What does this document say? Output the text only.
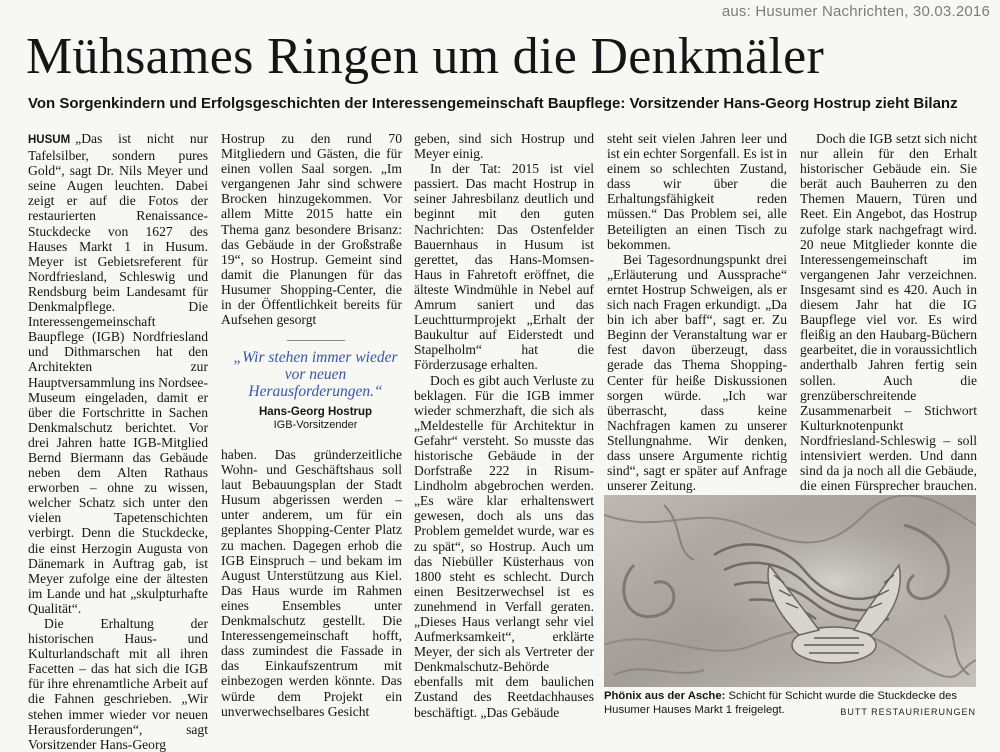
aus: Husumer Nachrichten, 30.03.2016
Mühsames Ringen um die Denkmäler
Von Sorgenkindern und Erfolgsgeschichten der Interessengemeinschaft Baupflege: Vorsitzender Hans-Georg Hostrup zieht Bilanz

HUSUM „Das ist nicht nur Tafelsilber, sondern pures Gold“, sagt Dr. Nils Meyer und seine Augen leuchten. Dabei zeigt er auf die Fotos der restaurierten Renaissance-Stuckdecke von 1627 des Hauses Markt 1 in Husum. Meyer ist Gebietsreferent für Nordfriesland, Schleswig und Rendsburg beim Landesamt für Denkmalpflege. Die Interessengemeinschaft Baupflege (IGB) Nordfriesland und Dithmarschen hat den Architekten zur Hauptversammlung ins Nordsee-Museum eingeladen, damit er über die Fortschritte in Sachen Denkmalschutz berichtet. Vor drei Jahren hatte IGB-Mitglied Bernd Biermann das Gebäude neben dem Alten Rathaus erworben – ohne zu wissen, welcher Schatz sich unter den vielen Tapetenschichten verbirgt. Denn die Stuckdecke, die einst Herzogin Augusta von Dänemark in Auftrag gab, ist Meyer zufolge eine der ältesten im Lande und hat „skulpturhafte Qualität“.

Die Erhaltung der historischen Haus- und Kulturlandschaft mit all ihren Facetten – das hat sich die IGB für ihre ehrenamtliche Arbeit auf die Fahnen geschrieben. „Wir stehen immer wieder vor neuen Herausforderungen“, sagt Vorsitzender Hans-Georg

Hostrup zu den rund 70 Mitgliedern und Gästen, die für einen vollen Saal sorgen. „Im vergangenen Jahr sind schwere Brocken hinzugekommen. Vor allem Mitte 2015 hatte ein Thema ganz besondere Brisanz: das Gebäude in der Großstraße 19“, so Hostrup. Gemeint sind damit die Planungen für das Husumer Shopping-Center, die in der Öffentlichkeit bereits für Aufsehen gesorgt

„Wir stehen immer wieder vor neuen Herausforderungen.“
Hans-Georg Hostrup
IGB-Vorsitzender

haben. Das gründerzeitliche Wohn- und Geschäftshaus soll laut Bebauungsplan der Stadt Husum abgerissen werden – unter anderem, um für ein geplantes Shopping-Center Platz zu machen. Dagegen erhob die IGB Einspruch – und bekam im August Unterstützung aus Kiel. Das Haus wurde im Rahmen eines Ensembles unter Denkmalschutz gestellt. Die Interessengemeinschaft hofft, dass zumindest die Fassade in das Einkaufszentrum mit einbezogen werden könnte. Das würde dem Projekt ein unverwechselbares Gesicht

geben, sind sich Hostrup und Meyer einig.

In der Tat: 2015 ist viel passiert. Das macht Hostrup in seiner Jahresbilanz deutlich und beginnt mit den guten Nachrichten: Das Ostenfelder Bauernhaus in Husum ist gerettet, das Hans-Momsen-Haus in Fahretoft eröffnet, die älteste Windmühle in Nebel auf Amrum saniert und das Leuchtturmprojekt „Erhalt der Baukultur auf Eiderstedt und Stapelholm“ hat die Förderzusage erhalten.

Doch es gibt auch Verluste zu beklagen. Für die IGB immer wieder schmerzhaft, die sich als „Meldestelle für Architektur in Gefahr“ versteht. So musste das historische Gebäude in der Dorfstraße 222 in Risum-Lindholm abgebrochen werden. „Es wäre klar erhaltenswert gewesen, doch als uns das Problem gemeldet wurde, war es zu spät“, so Hostrup. Auch um das Niebüller Küsterhaus von 1800 steht es schlecht. Durch einen Besitzerwechsel ist es zunehmend in Verfall geraten. „Dieses Haus verlangt sehr viel Aufmerksamkeit“, erklärte Meyer, der sich als Vertreter der Denkmalschutz-Behörde ebenfalls mit dem baulichen Zustand des Reetdachhauses beschäftigt. „Das Gebäude

steht seit vielen Jahren leer und ist ein echter Sorgenfall. Es ist in einem so schlechten Zustand, dass wir über die Erhaltungsfähigkeit reden müssen.“ Das Problem sei, alle Beteiligten an einen Tisch zu bekommen.

Bei Tagesordnungspunkt drei „Erläuterung und Aussprache“ erntet Hostrup Schweigen, als er sich nach Fragen erkundigt. „Da bin ich aber baff“, sagt er. Zu Beginn der Veranstaltung war er fest davon überzeugt, dass gerade das Thema Shopping-Center für heiße Diskussionen sorgen würde. „Ich war überrascht, dass keine Nachfragen kamen zu unserer Stellungnahme. Wir denken, dass unsere Argumente richtig sind“, sagt er später auf Anfrage unserer Zeitung.

Doch die IGB setzt sich nicht nur allein für den Erhalt historischer Gebäude ein. Sie berät auch Bauherren zu den Themen Mauern, Türen und Reet. Ein Angebot, das Hostrup zufolge stark nachgefragt wird. 20 neue Mitglieder konnte die Interessengemeinschaft im vergangenen Jahr verzeichnen. Insgesamt sind es 420. Auch in diesem Jahr hat die IG Baupflege viel vor. Es wird fleißig an den Haubarg-Büchern gearbeitet, die in voraussichtlich anderthalb Jahren fertig sein sollen. Auch die grenzüberschreitende Zusammenarbeit – Stichwort Kulturknotenpunkt Nordfriesland-Schleswig – soll intensiviert werden. Und dann sind da ja noch all die Gebäude, die einen Fürsprecher brauchen.

Phönix aus der Asche: Schicht für Schicht wurde die Stuckdecke des Husumer Hauses Markt 1 freigelegt.	BUTT RESTAURIERUNGEN
